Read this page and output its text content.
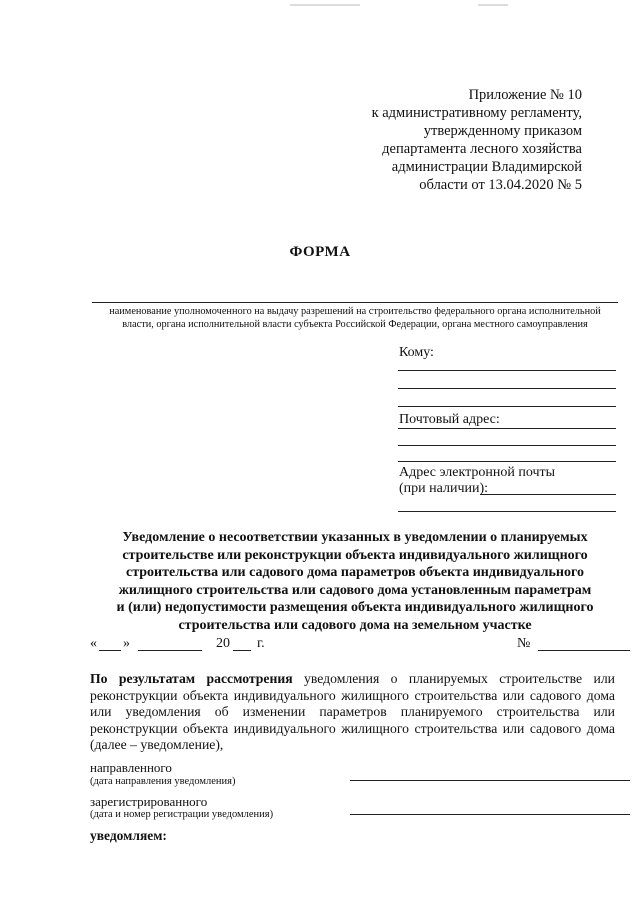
Приложение № 10
к административному регламенту,
утвержденному приказом
департамента лесного хозяйства
администрации Владимирской
области от 13.04.2020 № 5
ФОРМА
наименование уполномоченного на выдачу разрешений на строительство федерального органа исполнительной
власти, органа исполнительной власти субъекта Российской Федерации, органа местного самоуправления
Кому:
Почтовый адрес:
Адрес электронной почты
(при наличии):
Уведомление о несоответствии указанных в уведомлении о планируемых
строительстве или реконструкции объекта индивидуального жилищного
строительства или садового дома параметров объекта индивидуального
жилищного строительства или садового дома установленным параметрам
и (или) недопустимости размещения объекта индивидуального жилищного
строительства или садового дома на земельном участке
« »	20 г.	№
По результатам рассмотрения уведомления о планируемых строительстве или реконструкции объекта индивидуального жилищного строительства или садового дома или уведомления об изменении параметров планируемого строительства или реконструкции объекта индивидуального жилищного строительства или садового дома (далее – уведомление),
направленного
(дата направления уведомления)
зарегистрированного
(дата и номер регистрации уведомления)
уведомляем:
